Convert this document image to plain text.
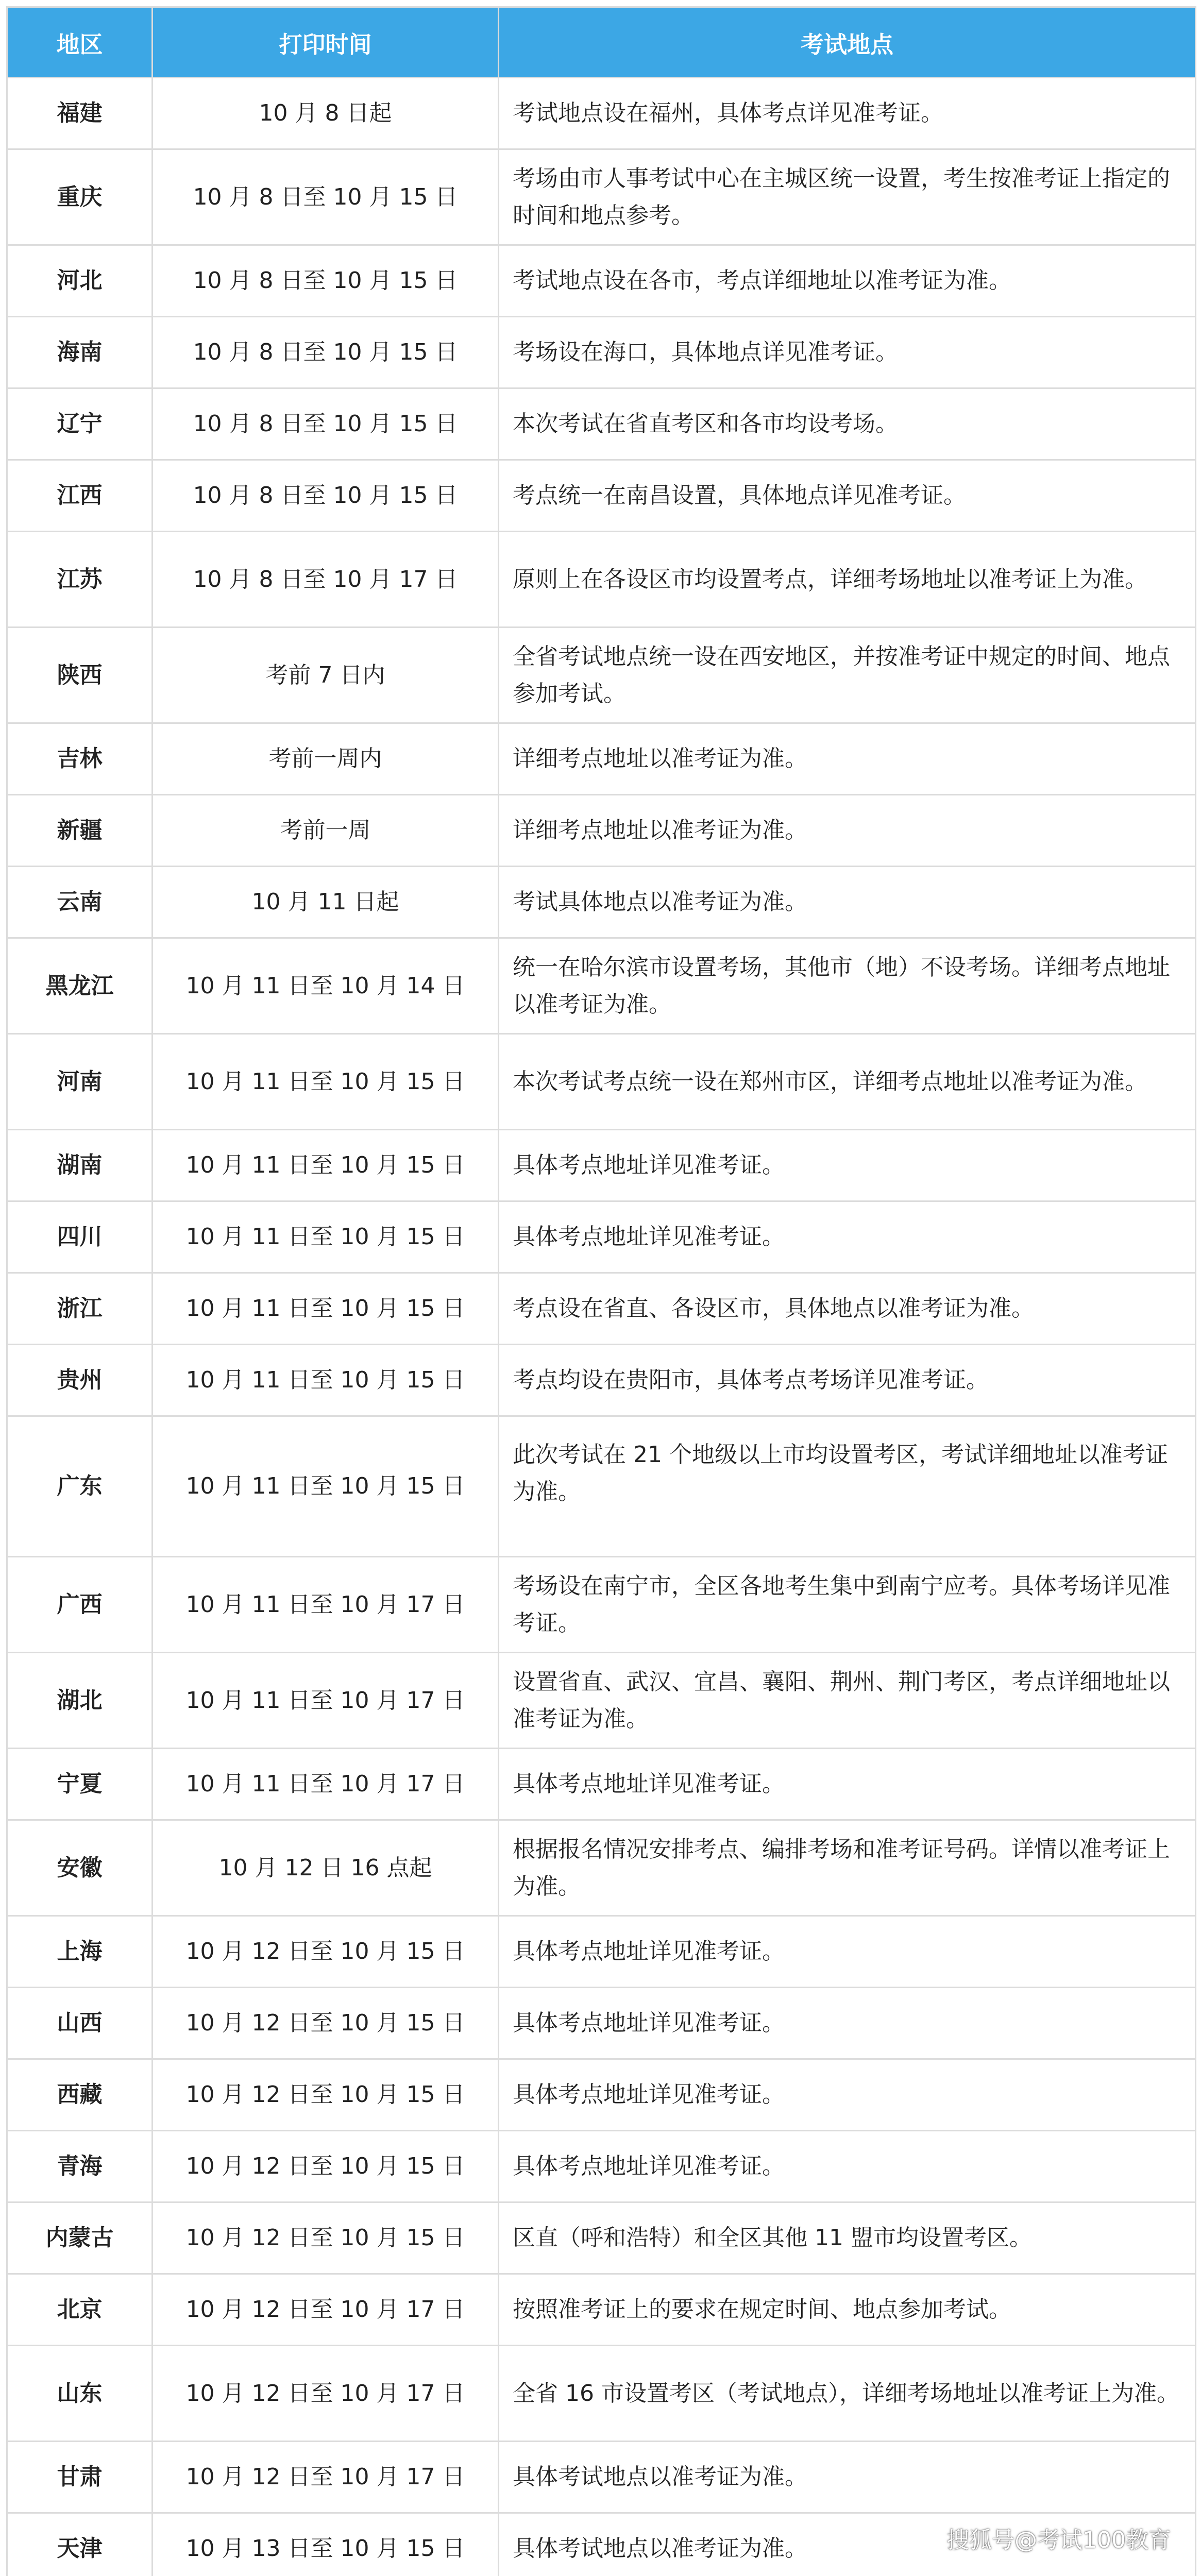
地区	打印时间	考试地点
福建	10 月 8 日起	考试地点设在福州，具体考点详见准考证。
重庆	10 月 8 日至 10 月 15 日	考场由市人事考试中心在主城区统一设置，考生按准考证上指定的时间和地点参考。
河北	10 月 8 日至 10 月 15 日	考试地点设在各市，考点详细地址以准考证为准。
海南	10 月 8 日至 10 月 15 日	考场设在海口，具体地点详见准考证。
辽宁	10 月 8 日至 10 月 15 日	本次考试在省直考区和各市均设考场。
江西	10 月 8 日至 10 月 15 日	考点统一在南昌设置，具体地点详见准考证。
江苏	10 月 8 日至 10 月 17 日	原则上在各设区市均设置考点，详细考场地址以准考证上为准。
陕西	考前 7 日内	全省考试地点统一设在西安地区，并按准考证中规定的时间、地点参加考试。
吉林	考前一周内	详细考点地址以准考证为准。
新疆	考前一周	详细考点地址以准考证为准。
云南	10 月 11 日起	考试具体地点以准考证为准。
黑龙江	10 月 11 日至 10 月 14 日	统一在哈尔滨市设置考场，其他市（地）不设考场。详细考点地址以准考证为准。
河南	10 月 11 日至 10 月 15 日	本次考试考点统一设在郑州市区，详细考点地址以准考证为准。
湖南	10 月 11 日至 10 月 15 日	具体考点地址详见准考证。
四川	10 月 11 日至 10 月 15 日	具体考点地址详见准考证。
浙江	10 月 11 日至 10 月 15 日	考点设在省直、各设区市，具体地点以准考证为准。
贵州	10 月 11 日至 10 月 15 日	考点均设在贵阳市，具体考点考场详见准考证。
广东	10 月 11 日至 10 月 15 日	此次考试在 21 个地级以上市均设置考区，考试详细地址以准考证为准。
广西	10 月 11 日至 10 月 17 日	考场设在南宁市，全区各地考生集中到南宁应考。具体考场详见准考证。
湖北	10 月 11 日至 10 月 17 日	设置省直、武汉、宜昌、襄阳、荆州、荆门考区，考点详细地址以准考证为准。
宁夏	10 月 11 日至 10 月 17 日	具体考点地址详见准考证。
安徽	10 月 12 日 16 点起	根据报名情况安排考点、编排考场和准考证号码。详情以准考证上为准。
上海	10 月 12 日至 10 月 15 日	具体考点地址详见准考证。
山西	10 月 12 日至 10 月 15 日	具体考点地址详见准考证。
西藏	10 月 12 日至 10 月 15 日	具体考点地址详见准考证。
青海	10 月 12 日至 10 月 15 日	具体考点地址详见准考证。
内蒙古	10 月 12 日至 10 月 15 日	区直（呼和浩特）和全区其他 11 盟市均设置考区。
北京	10 月 12 日至 10 月 17 日	按照准考证上的要求在规定时间、地点参加考试。
山东	10 月 12 日至 10 月 17 日	全省 16 市设置考区（考试地点），详细考场地址以准考证上为准。
甘肃	10 月 12 日至 10 月 17 日	具体考试地点以准考证为准。
天津	10 月 13 日至 10 月 15 日	具体考试地点以准考证为准。	搜狐号@考试100教育
